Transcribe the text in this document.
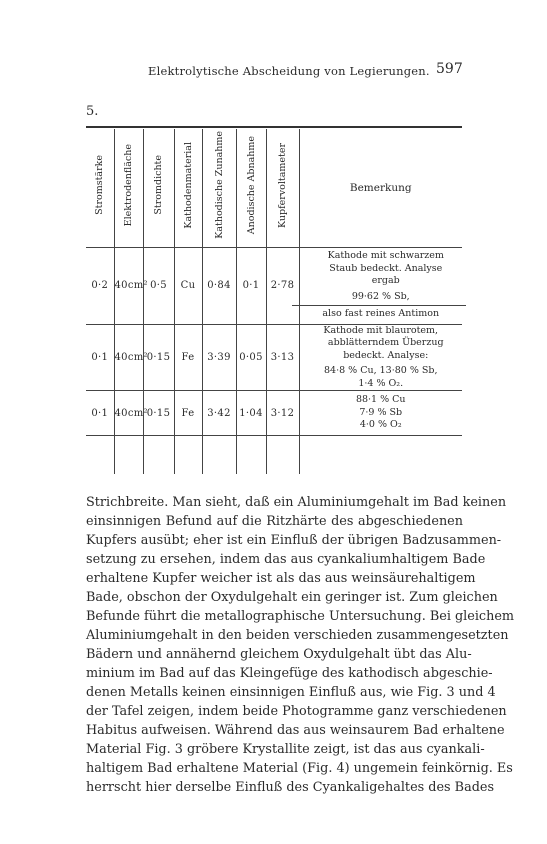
Elektrolytische Abscheidung von Legierungen. 597
5.
Stromstärke	Elektrodenfläche	Stromdichte	Kathodenmaterial	Kathodische Zunahme	Anodische Abnahme	Kupfervoltameter	Bemerkung
0·2	40cm²	0·5	Cu	0·84	0·1	2·78	Kathode mit schwarzem
Staub bedeckt. Analyse
ergab
99·62 % Sb,
also fast reines Antimon

0·1	40cm²	0·15	Fe	3·39	0·05	3·13	Kathode mit blaurotem,

abblätterndem Überzug
bedeckt. Analyse:
84·8 % Cu, 13·80 % Sb,
1·4 % O₂.

0·1	40cm²	0·15	Fe	3·42	1·04	3·12	88·1 % Cu
7·9 % Sb
4·0 % O₂

Strichbreite. Man sieht, daß ein Aluminiumgehalt im Bad keinen
einsinnigen Befund auf die Ritzhärte des abgeschiedenen
Kupfers ausübt; eher ist ein Einfluß der übrigen Badzusammen-
setzung zu ersehen, indem das aus cyankaliumhaltigem Bade
erhaltene Kupfer weicher ist als das aus weinsäurehaltigem
Bade, obschon der Oxydulgehalt ein geringer ist. Zum gleichen
Befunde führt die metallographische Untersuchung. Bei gleichem
Aluminiumgehalt in den beiden verschieden zusammengesetzten
Bädern und annähernd gleichem Oxydulgehalt übt das Alu-
minium im Bad auf das Kleingefüge des kathodisch abgeschie-
denen Metalls keinen einsinnigen Einfluß aus, wie Fig. 3 und 4
der Tafel zeigen, indem beide Photogramme ganz verschiedenen
Habitus aufweisen. Während das aus weinsaurem Bad erhaltene
Material Fig. 3 gröbere Krystallite zeigt, ist das aus cyankali-
haltigem Bad erhaltene Material (Fig. 4) ungemein feinkörnig. Es
herrscht hier derselbe Einfluß des Cyankaligehaltes des Bades
